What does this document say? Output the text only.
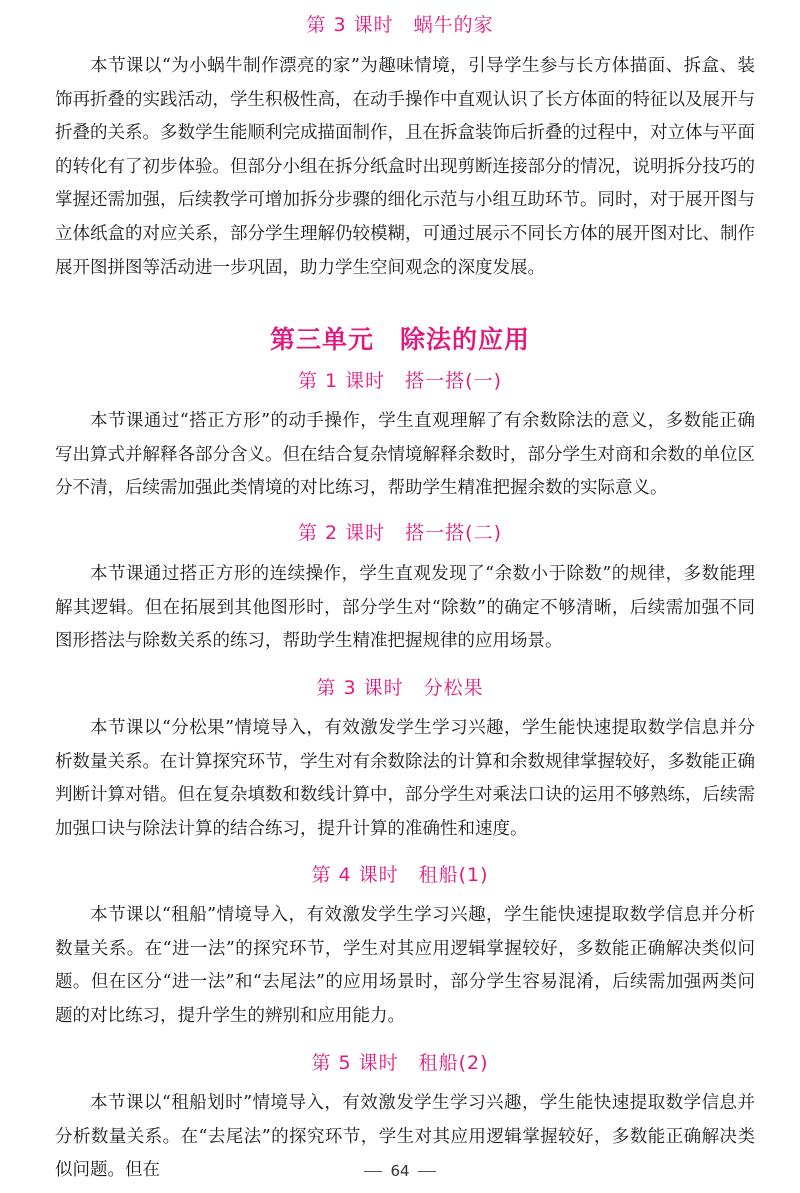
第 3 课时　蜗牛的家

本节课以“为小蜗牛制作漂亮的家”为趣味情境，引导学生参与长方体描面、拆盒、装饰再折叠的实践活动，学生积极性高，在动手操作中直观认识了长方体面的特征以及展开与折叠的关系。多数学生能顺利完成描面制作，且在拆盒装饰后折叠的过程中，对立体与平面的转化有了初步体验。但部分小组在拆分纸盒时出现剪断连接部分的情况，说明拆分技巧的掌握还需加强，后续教学可增加拆分步骤的细化示范与小组互助环节。同时，对于展开图与立体纸盒的对应关系，部分学生理解仍较模糊，可通过展示不同长方体的展开图对比、制作展开图拼图等活动进一步巩固，助力学生空间观念的深度发展。

第三单元　除法的应用
第 1 课时　搭一搭(一)

本节课通过“搭正方形”的动手操作，学生直观理解了有余数除法的意义，多数能正确写出算式并解释各部分含义。但在结合复杂情境解释余数时，部分学生对商和余数的单位区分不清，后续需加强此类情境的对比练习，帮助学生精准把握余数的实际意义。

第 2 课时　搭一搭(二)

本节课通过搭正方形的连续操作，学生直观发现了“余数小于除数”的规律，多数能理解其逻辑。但在拓展到其他图形时，部分学生对“除数”的确定不够清晰，后续需加强不同图形搭法与除数关系的练习，帮助学生精准把握规律的应用场景。

第 3 课时　分松果

本节课以“分松果”情境导入，有效激发学生学习兴趣，学生能快速提取数学信息并分析数量关系。在计算探究环节，学生对有余数除法的计算和余数规律掌握较好，多数能正确判断计算对错。但在复杂填数和数线计算中，部分学生对乘法口诀的运用不够熟练，后续需加强口诀与除法计算的结合练习，提升计算的准确性和速度。

第 4 课时　租船(1)

本节课以“租船”情境导入，有效激发学生学习兴趣，学生能快速提取数学信息并分析数量关系。在“进一法”的探究环节，学生对其应用逻辑掌握较好，多数能正确解决类似问题。但在区分“进一法”和“去尾法”的应用场景时，部分学生容易混淆，后续需加强两类问题的对比练习，提升学生的辨别和应用能力。

第 5 课时　租船(2)

本节课以“租船划时”情境导入，有效激发学生学习兴趣，学生能快速提取数学信息并分析数量关系。在“去尾法”的探究环节，学生对其应用逻辑掌握较好，多数能正确解决类似问题。但在	64
